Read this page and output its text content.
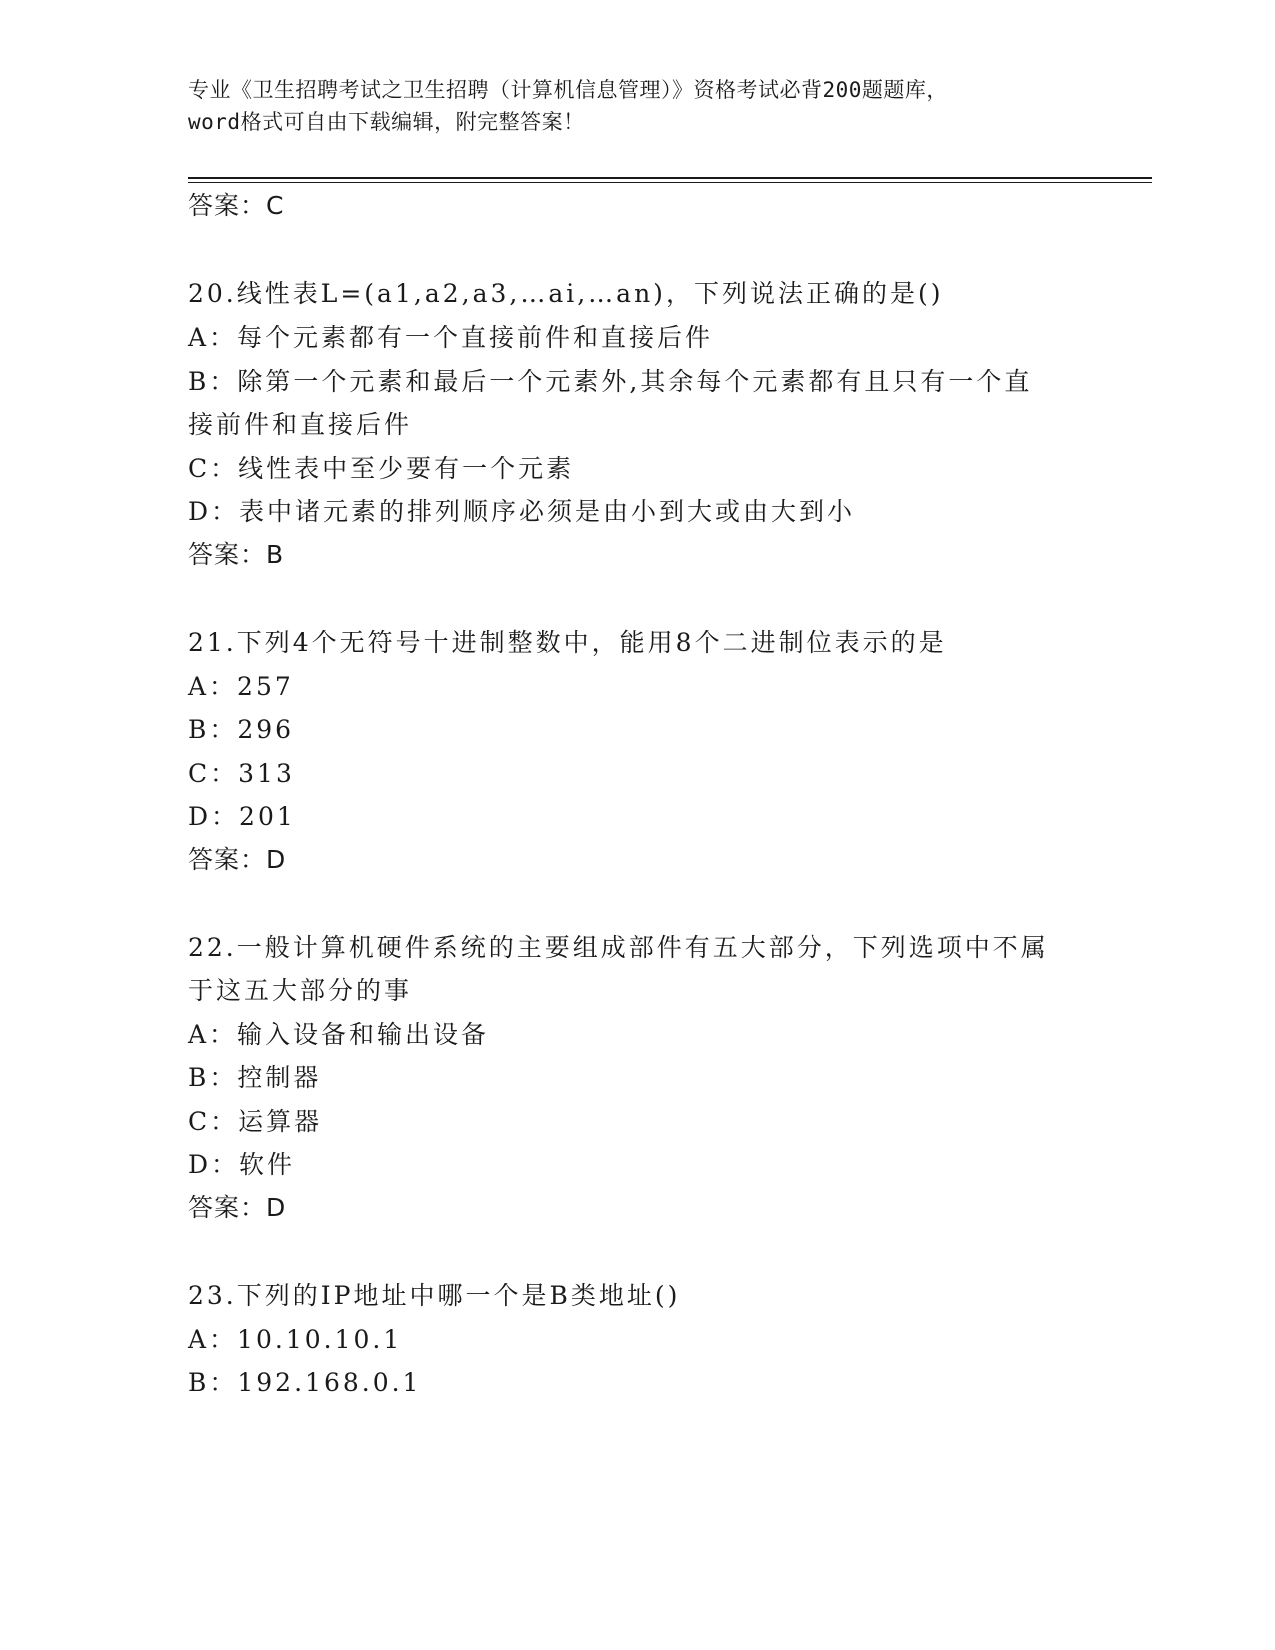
专业《卫生招聘考试之卫生招聘（计算机信息管理）》资格考试必背200题题库，
word格式可自由下载编辑，附完整答案！
答案：C
20.线性表L=(a1,a2,a3,…ai,…an)，下列说法正确的是()
A：每个元素都有一个直接前件和直接后件
B：除第一个元素和最后一个元素外,其余每个元素都有且只有一个直
接前件和直接后件
C：线性表中至少要有一个元素
D：表中诸元素的排列顺序必须是由小到大或由大到小
答案：B
21.下列4个无符号十进制整数中，能用8个二进制位表示的是
A：257
B：296
C：313
D：201
答案：D
22.一般计算机硬件系统的主要组成部件有五大部分，下列选项中不属
于这五大部分的事
A：输入设备和输出设备
B：控制器
C：运算器
D：软件
答案：D
23.下列的IP地址中哪一个是B类地址()
A：10.10.10.1
B：192.168.0.1
